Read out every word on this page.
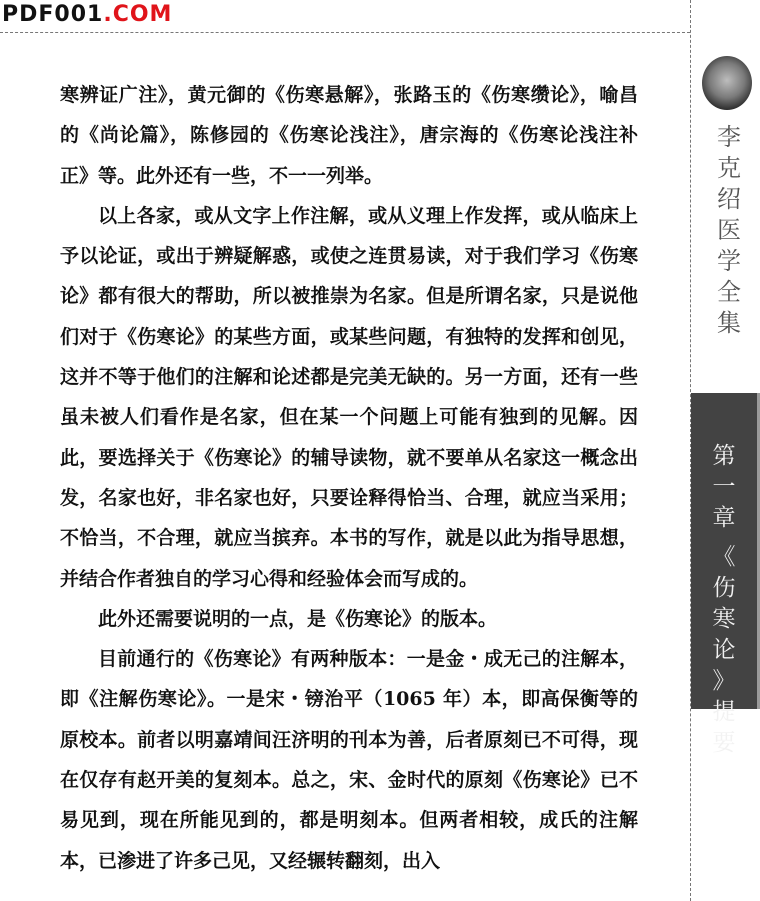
PDF001 .COM

寒辨证广注》，黄元御的《伤寒悬解》，张路玉的《伤寒缵论》，喻昌的《尚论篇》，陈修园的《伤寒论浅注》，唐宗海的《伤寒论浅注补正》等。此外还有一些，不一一列举。

以上各家，或从文字上作注解，或从义理上作发挥，或从临床上予以论证，或出于辨疑解惑，或使之连贯易读，对于我们学习《伤寒论》都有很大的帮助，所以被推崇为名家。但是所谓名家，只是说他们对于《伤寒论》的某些方面，或某些问题，有独特的发挥和创见，这并不等于他们的注解和论述都是完美无缺的。另一方面，还有一些虽未被人们看作是名家，但在某一个问题上可能有独到的见解。因此，要选择关于《伤寒论》的辅导读物，就不要单从名家这一概念出发，名家也好，非名家也好，只要诠释得恰当、合理，就应当采用；不恰当，不合理，就应当摈弃。本书的写作，就是以此为指导思想，并结合作者独自的学习心得和经验体会而写成的。

此外还需要说明的一点，是《伤寒论》的版本。

目前通行的《伤寒论》有两种版本：一是金・成无己的注解本，即《注解伤寒论》。一是宋・镑治平（1065 年）本，即高保衡等的原校本。前者以明嘉靖间汪济明的刊本为善，后者原刻已不可得，现在仅存有赵开美的复刻本。总之，宋、金时代的原刻《伤寒论》已不易见到，现在所能见到的，都是明刻本。但两者相较，成氏的注解本，已渗进了许多己见，又经辗转翻刻，出入

李
克
绍
医
学
全
集
第
一
章
《
伤
寒
论
》
提
要
